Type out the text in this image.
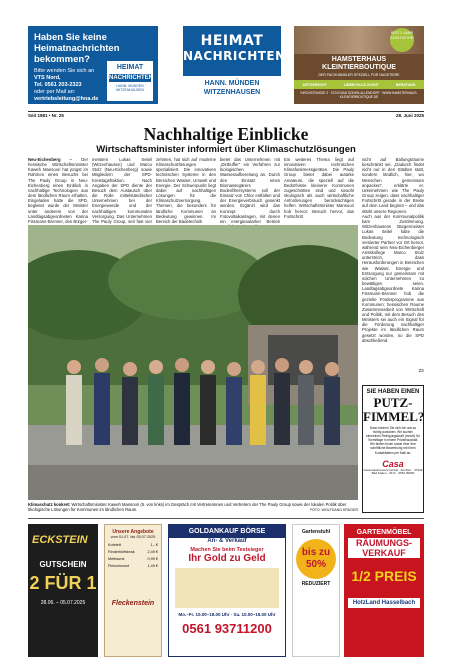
Haben Sie keine Heimatnachrichten bekommen?
Bitte wenden Sie sich an
VTS Nord,
Tel. 0561 203-2323
oder per Mail an:
vertriebsleitung@hna.de
HEIMAT
NACHRICHTEN
HANN. MÜNDEN WITZENHAUSEN
HEIMAT
NACHRICHTEN
HANN. MÜNDEN
WITZENHAUSEN
SEIT 1 JAHR EUCH IN IHR
HAMSTERHAUS
KLEINTIERBOUTIQUE
DER FACHHÄNDLER SPEZIELL FÜR NAGETIERE
ARTGERECHT	LIEBEVOLLE ZUCHT	BERATUNG
KIRCHSTRASSE 3 · 37242 BAD SODEN-ALLENDORF · WWW.HAMSTERHAUS-KLEINTIERBOUTIQUE.DE
Seit 1981 • Nr. 25	28. Juni 2025
Nachhaltige Einblicke
Wirtschaftsminister informiert über Klimaschutzlösungen
Neu-Eichenberg – Der hessische Wirtschaftsminister Kaweh Mansoori hat jüngst im Rahmen eines Besuchs bei The Pauly Group in Neu-Eichenberg einen Einblick in nachhaltige Technologien aus dem ländlichen Raum erhalten. Eingeladen hatte die SPD, begleitet wurde der Minister unter anderem von der Landtagsabgeordneten Karina Fissmann-Brenner, den Bürger-
meistern Lukas Seitel (Witzenhausen) und Marco Stolz (Neu-Eichenberg) sowie Mitgliedern der SPD-Kreistagsfraktion. Nach Angaben der SPD diente der Besuch dem Austausch über die Rolle mittelständischer Unternehmen bei der Energiewende und der nachhaltigen kommunalen Versorgung. Das Unternehmen The Pauly Group, seit fast vier
zehnten, hat sich auf moderne Klimaschutzlösungen spezialisiert. Die innovativen technischen Systeme in den Bereichen Wasser, Umwelt und Energie. Der Schwerpunkt liegt dabei auf nachhaltigen Lösungen für die Klimaschutzversorgung. Themen, die besonders für ländliche Kommunen an Bedeutung gewinnen. Im Bereich der Badetechnik
bietet das Unternehmen mit „Dirtbuffer“ ein Verfahren zur biologischen Wasseraufbereitung an. Durch den Einsatz eines Biomassegärers Bodenfiltersystems soll der Einsatz von Chlor entfallen und der Energieverbrauch gesenkt werden. Ergänzt wird das Konzept durch Fotovoltaikanlagen, mit denen ein energieautarker Betrieb
Ein weiteres Thema liegt auf innovativen technischen Klimafunkmessgeräten. Die Pauly Group bietet dabei autarke Amateure, die speziell auf die Bedürfnisse kleinerer Kommunen zugeschnitten sind und sowohl ökologisch als auch wirtschaftliche Anforderungen berücksichtigen helfen. Wirtschaftsminister Mansoori hob hervor: Besuch hervor, das Fortschritt
nicht auf Ballungsräume beschränkt sei. „Dadurch findet nicht nur in den Städten statt, sondern ländlich, hier, wo Menschen gemeinsam anpacken“, erklärte er. Unternehmen wie The Pauly Group zeigen, dass nachhaltiger Fortschritt gerade in der Breite auf dem Land beginnt – und das stärkt unsere Regionen.
Auch aus der Kommunalpolitik kam Zustimmung. Witzenhausens Bürgermeister Lukas Seitel lobte die Bedeutung technologisch versierter Partner vor Ort hervor, während sein Neu-Eichenberger Amtskollege Marco Stolz unterstrich, dass Herausforderungen in Bereichen wie Wasser, Energie und Entsorgung nur gemeinsam mit solchen Unternehmen zu bewältigen seien. Landtagsabgeordnete Karina Fissmann-Brenner hob die gezielte Förderprogramme aus Kommunen: hessischen Raume Zusammenarbeit von Wirtschaft und Politik, mit dem Besuch des Ministers sei auch ein Signal für die Förderung nachhaltiger Projekte im ländlichen Raum gesetzt worden, so die SPD abschließend.
ZS
Klimaschutz konkret: Wirtschaftsminister Kaweh Mansoori (5. von links) im Gespräch mit Vertreterinnen und Vertretern der The Pauly Group sowie der lokalen Politik über ökologische Lösungen für Kommunen im ländlichen Raum.	FOTO: WOLFGANG KRÜGER
SIE HABEN EINEN
PUTZ-FIMMEL?
Dann können Sie sich bei uns so richtig austoben. Wir suchen eine/einen Reinigungskraft (m/w/d) für Vormittage in einem Privathaushalt. Wir bieten Ihnen sowie über Ihre schriftliche Bewerbung mit Ihren Kontaktdaten per Mail an:
Casa
Casa Gastronomie GmbH · Kirchstr. · 37242 Bad Soden · 0171 · 0561 00000
ECKSTEIN
GUTSCHEIN
2 FÜR 1
28.06. – 05.07.2025
Unsere Angebote
vom 01.07. bis 05.07.2025
Kotelett	1,- €
Rinderhüftsteak	2,49 €
Mettwurst	0,99 €
Fleischwurst	1,49 €
Fleckenstein
GOLDANKAUF BÖRSE
An- & Verkauf
Machen Sie beim Testsieger
Ihr Gold zu Geld
Mo.–Fr. 10.00–18.00 Uhr · Sa. 10.00–15.00 Uhr
0561 93711200
Gartenstuhl
bis zu 50%
REDUZIERT
GARTENMÖBEL
RÄUMUNGS-
VERKAUF
1/2 PREIS
HotzLand Hasselbach
